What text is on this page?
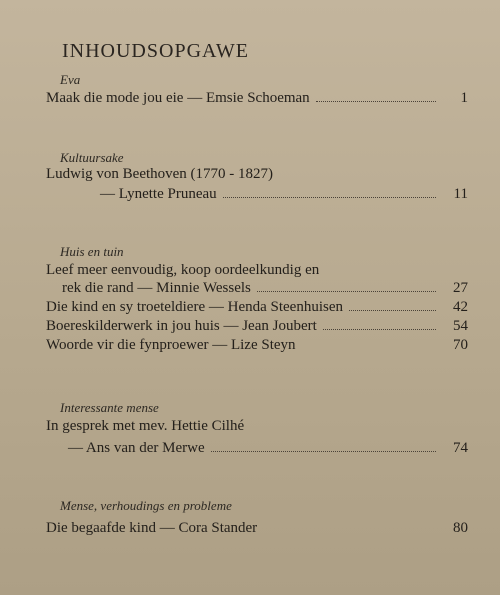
INHOUDSOPGAWE
Eva
Maak die mode jou eie — Emsie Schoeman	1
Kultuursake
Ludwig von Beethoven (1770 - 1827)
— Lynette Pruneau	11
Huis en tuin
Leef meer eenvoudig, koop oordeelkundig en
rek die rand — Minnie Wessels	27
Die kind en sy troeteldiere — Henda Steenhuisen	42
Boereskilderwerk in jou huis — Jean Joubert	54
Woorde vir die fynproewer — Lize Steyn	70
Interessante mense
In gesprek met mev. Hettie Cilhé
— Ans van der Merwe	74
Mense, verhoudings en probleme
Die begaafde kind — Cora Stander	80
